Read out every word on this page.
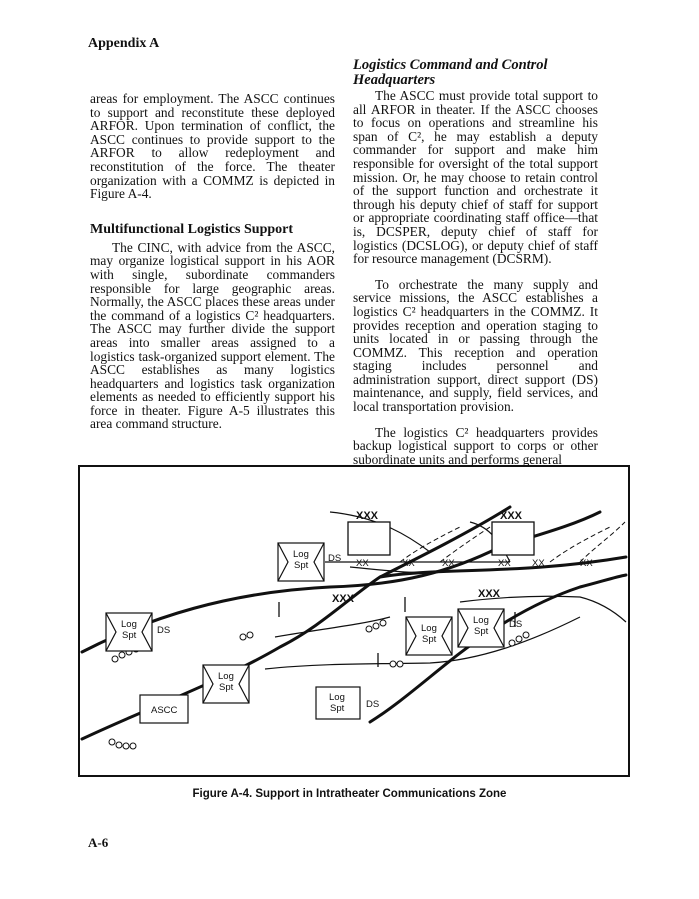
Appendix A

areas for employment. The ASCC continues to support and reconstitute these deployed ARFOR. Upon termination of conflict, the ASCC continues to provide support to the ARFOR to allow redeployment and reconstitution of the force. The theater organization with a COMMZ is depicted in Figure A-4.

Multifunctional Logistics Support

The CINC, with advice from the ASCC, may organize logistical support in his AOR with single, subordinate commanders responsible for large geographic areas. Normally, the ASCC places these areas under the command of a logistics C² headquarters. The ASCC may further divide the support areas into smaller areas assigned to a logistics task-organized support element. The ASCC establishes as many logistics headquarters and logistics task organization elements as needed to efficiently support his force in theater. Figure A-5 illustrates this area command structure.

Logistics Command and Control Headquarters

The ASCC must provide total support to all ARFOR in theater. If the ASCC chooses to focus on operations and streamline his span of C², he may establish a deputy commander for support and make him responsible for oversight of the total support mission. Or, he may choose to retain control of the support function and orchestrate it through his deputy chief of staff for support or appropriate coordinating staff office—that is, DCSPER, deputy chief of staff for logistics (DCSLOG), or deputy chief of staff for resource management (DCSRM).

To orchestrate the many supply and service missions, the ASCC establishes a logistics C² headquarters in the COMMZ. It provides reception and operation staging to units located in or passing through the COMMZ. This reception and operation staging includes personnel and administration support, direct support (DS) maintenance, and supply, field services, and local transportation provision.

The logistics C² headquarters provides backup logistical support to corps or other subordinate units and performs general

XXX	XXX
XXX	XXX
XX	XX	XX	XX XX	XX
Log
Spt
DS
Log
Spt DS
Log
Spt
Log
Spt
Log
Spt
DS
Log
Spt DS
ASCC
Figure A-4. Support in Intratheater Communications Zone
A-6
